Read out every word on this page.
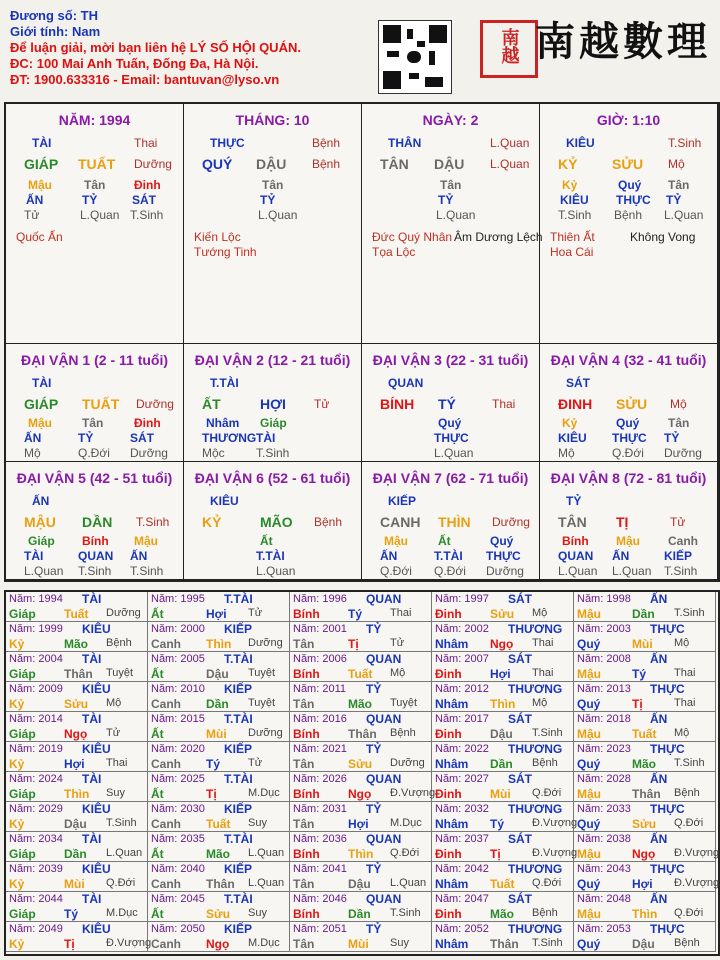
Đương số: TH
Giới tính: Nam
Để luận giải, mời bạn liên hệ LÝ SỐ HỘI QUÁN.
ĐC: 100 Mai Anh Tuấn, Đống Đa, Hà Nội.
ĐT: 1900.633316 - Email: bantuvan@lyso.vn
南越 南越數理
NĂM: 1994
TÀI	Thai
GIÁP TUẤT Dưỡng
Mậu
ẤN
Tử
Tân
TỶ
L.Quan
Đinh
SÁT
T.Sinh
Quốc Ấn
THÁNG: 10
THỰC	Bệnh
QUÝ DẬU Bệnh
Tân
TỶ
L.Quan
Kiến Lộc
Tướng Tinh
NGÀY: 2
THÂN	L.Quan
TÂN DẬU L.Quan
Tân
TỶ
L.Quan
Đức Quý Nhân Âm Dương Lệch
Tọa Lộc
GIỜ: 1:10
KIÊU	T.Sinh
KỶ SỬU Mộ
Kỷ
KIÊU
T.Sinh
Quý
THỰC
Bệnh
Tân
TỶ
L.Quan
Thiên Ất	Không Vong
Hoa Cái
ĐẠI VẬN 1 (2 - 11 tuổi)
TÀI
GIÁP TUẤT Dưỡng
Mậu
ẤN
Mộ
Tân
TỶ
Q.Đới
Đinh
SÁT
Dưỡng
ĐẠI VẬN 2 (12 - 21 tuổi)
T.TÀI
ẤT	HỢI Tử
Nhâm
THƯƠNG
Mộc
Giáp
TÀI
T.Sinh
ĐẠI VẬN 3 (22 - 31 tuổi)
QUAN
BÍNH TÝ	Thai
Quý
THỰC
L.Quan
ĐẠI VẬN 4 (32 - 41 tuổi)
SÁT
ĐINH SỬU Mộ
Kỷ
KIÊU
Mộ
Quý
THỰC
Q.Đới
Tân
TỶ
Dưỡng
ĐẠI VẬN 5 (42 - 51 tuổi)
ẤN
MẬU DẦN T.Sinh
Giáp
TÀI
L.Quan
Bính
QUAN
T.Sinh
Mậu
ẤN
T.Sinh
ĐẠI VẬN 6 (52 - 61 tuổi)
KIÊU
KỶ	MÃO Bệnh
Ất
T.TÀI
L.Quan
ĐẠI VẬN 7 (62 - 71 tuổi)
KIẾP
CANH THÌN Dưỡng
Mậu
ẤN
Q.Đới
Ất
T.TÀI
Q.Đới
Quý
THỰC
Dưỡng
ĐẠI VẬN 8 (72 - 81 tuổi)
TỶ
TÂN TỊ	Tử
Bính
QUAN
L.Quan
Mậu
ẤN
L.Quan
Canh
KIẾP
T.Sinh
Năm: 1994 TÀI
Giáp Tuất Dưỡng
Năm: 1995 T.TÀI
Ất	Hợi Tử
Năm: 1996 QUAN
Bính Tý	Thai
Năm: 1997 SÁT
Đinh Sửu Mộ
Năm: 1998 ẤN
Mậu	Dần T.Sinh
Năm: 1999 KIÊU
Kỷ	Mão Bệnh
Năm: 2000 KIẾP
Canh Thìn Dưỡng
Năm: 2001 TỶ
Tân	Tị	Tử
Năm: 2002 THƯƠNG
Nhâm Ngọ Thai
Năm: 2003 THỰC
Quý	Mùi Mộ
Năm: 2004 TÀI
Giáp Thân Tuyệt
Năm: 2005 T.TÀI
Ất	Dậu Tuyệt
Năm: 2006 QUAN
Bính Tuất Mộ
Năm: 2007 SÁT
Đinh Hợi Thai
Năm: 2008 ẤN
Mậu	Tý	Thai
Năm: 2009 KIÊU
Kỷ	Sửu Mộ
Năm: 2010 KIẾP
Canh Dần Tuyệt
Năm: 2011 TỶ
Tân	Mão Tuyệt
Năm: 2012 THƯƠNG
Nhâm Thìn Mộ
Năm: 2013 THỰC
Quý	Tị	Thai
Năm: 2014 TÀI
Giáp Ngọ Tử
Năm: 2015 T.TÀI
Ất	Mùi Dưỡng
Năm: 2016 QUAN
Bính Thân Bệnh
Năm: 2017 SÁT
Đinh Dậu T.Sinh
Năm: 2018 ẤN
Mậu	Tuất Mộ
Năm: 2019 KIÊU
Kỷ	Hợi Thai
Năm: 2020 KIẾP
Canh Tý	Tử
Năm: 2021 TỶ
Tân	Sửu Dưỡng
Năm: 2022 THƯƠNG
Nhâm Dần Bệnh
Năm: 2023 THỰC
Quý	Mão T.Sinh
Năm: 2024 TÀI
Giáp Thìn Suy
Năm: 2025 T.TÀI
Ất	Tị	M.Dục
Năm: 2026 QUAN
Bính Ngọ Đ.Vượng
Năm: 2027 SÁT
Đinh Mùi Q.Đới
Năm: 2028 ẤN
Mậu	Thân Bệnh
Năm: 2029 KIÊU
Kỷ	Dậu T.Sinh
Năm: 2030 KIẾP
Canh Tuất Suy
Năm: 2031 TỶ
Tân	Hợi M.Dục
Năm: 2032 THƯƠNG
Nhâm Tý	Đ.Vượng
Năm: 2033 THỰC
Quý	Sửu Q.Đới
Năm: 2034 TÀI
Giáp Dần L.Quan
Năm: 2035 T.TÀI
Ất	Mão L.Quan
Năm: 2036 QUAN
Bính Thìn Q.Đới
Năm: 2037 SÁT
Đinh Tị	Đ.Vượng
Năm: 2038 ẤN
Mậu	Ngọ Đ.Vượng
Năm: 2039 KIÊU
Kỷ	Mùi Q.Đới
Năm: 2040 KIẾP
Canh Thân L.Quan
Năm: 2041 TỶ
Tân	Dậu L.Quan
Năm: 2042 THƯƠNG
Nhâm Tuất Q.Đới
Năm: 2043 THỰC
Quý	Hợi Đ.Vượng
Năm: 2044 TÀI
Giáp Tý	M.Dục
Năm: 2045 T.TÀI
Ất	Sửu Suy
Năm: 2046 QUAN
Bính Dần T.Sinh
Năm: 2047 SÁT
Đinh Mão Bệnh
Năm: 2048 ẤN
Mậu	Thìn Q.Đới
Năm: 2049 KIÊU
Kỷ	Tị	Đ.Vượng
Năm: 2050 KIẾP
Canh Ngọ M.Dục
Năm: 2051 TỶ
Tân	Mùi Suy
Năm: 2052 THƯƠNG
Nhâm Thân T.Sinh
Năm: 2053 THỰC
Quý	Dậu Bệnh
